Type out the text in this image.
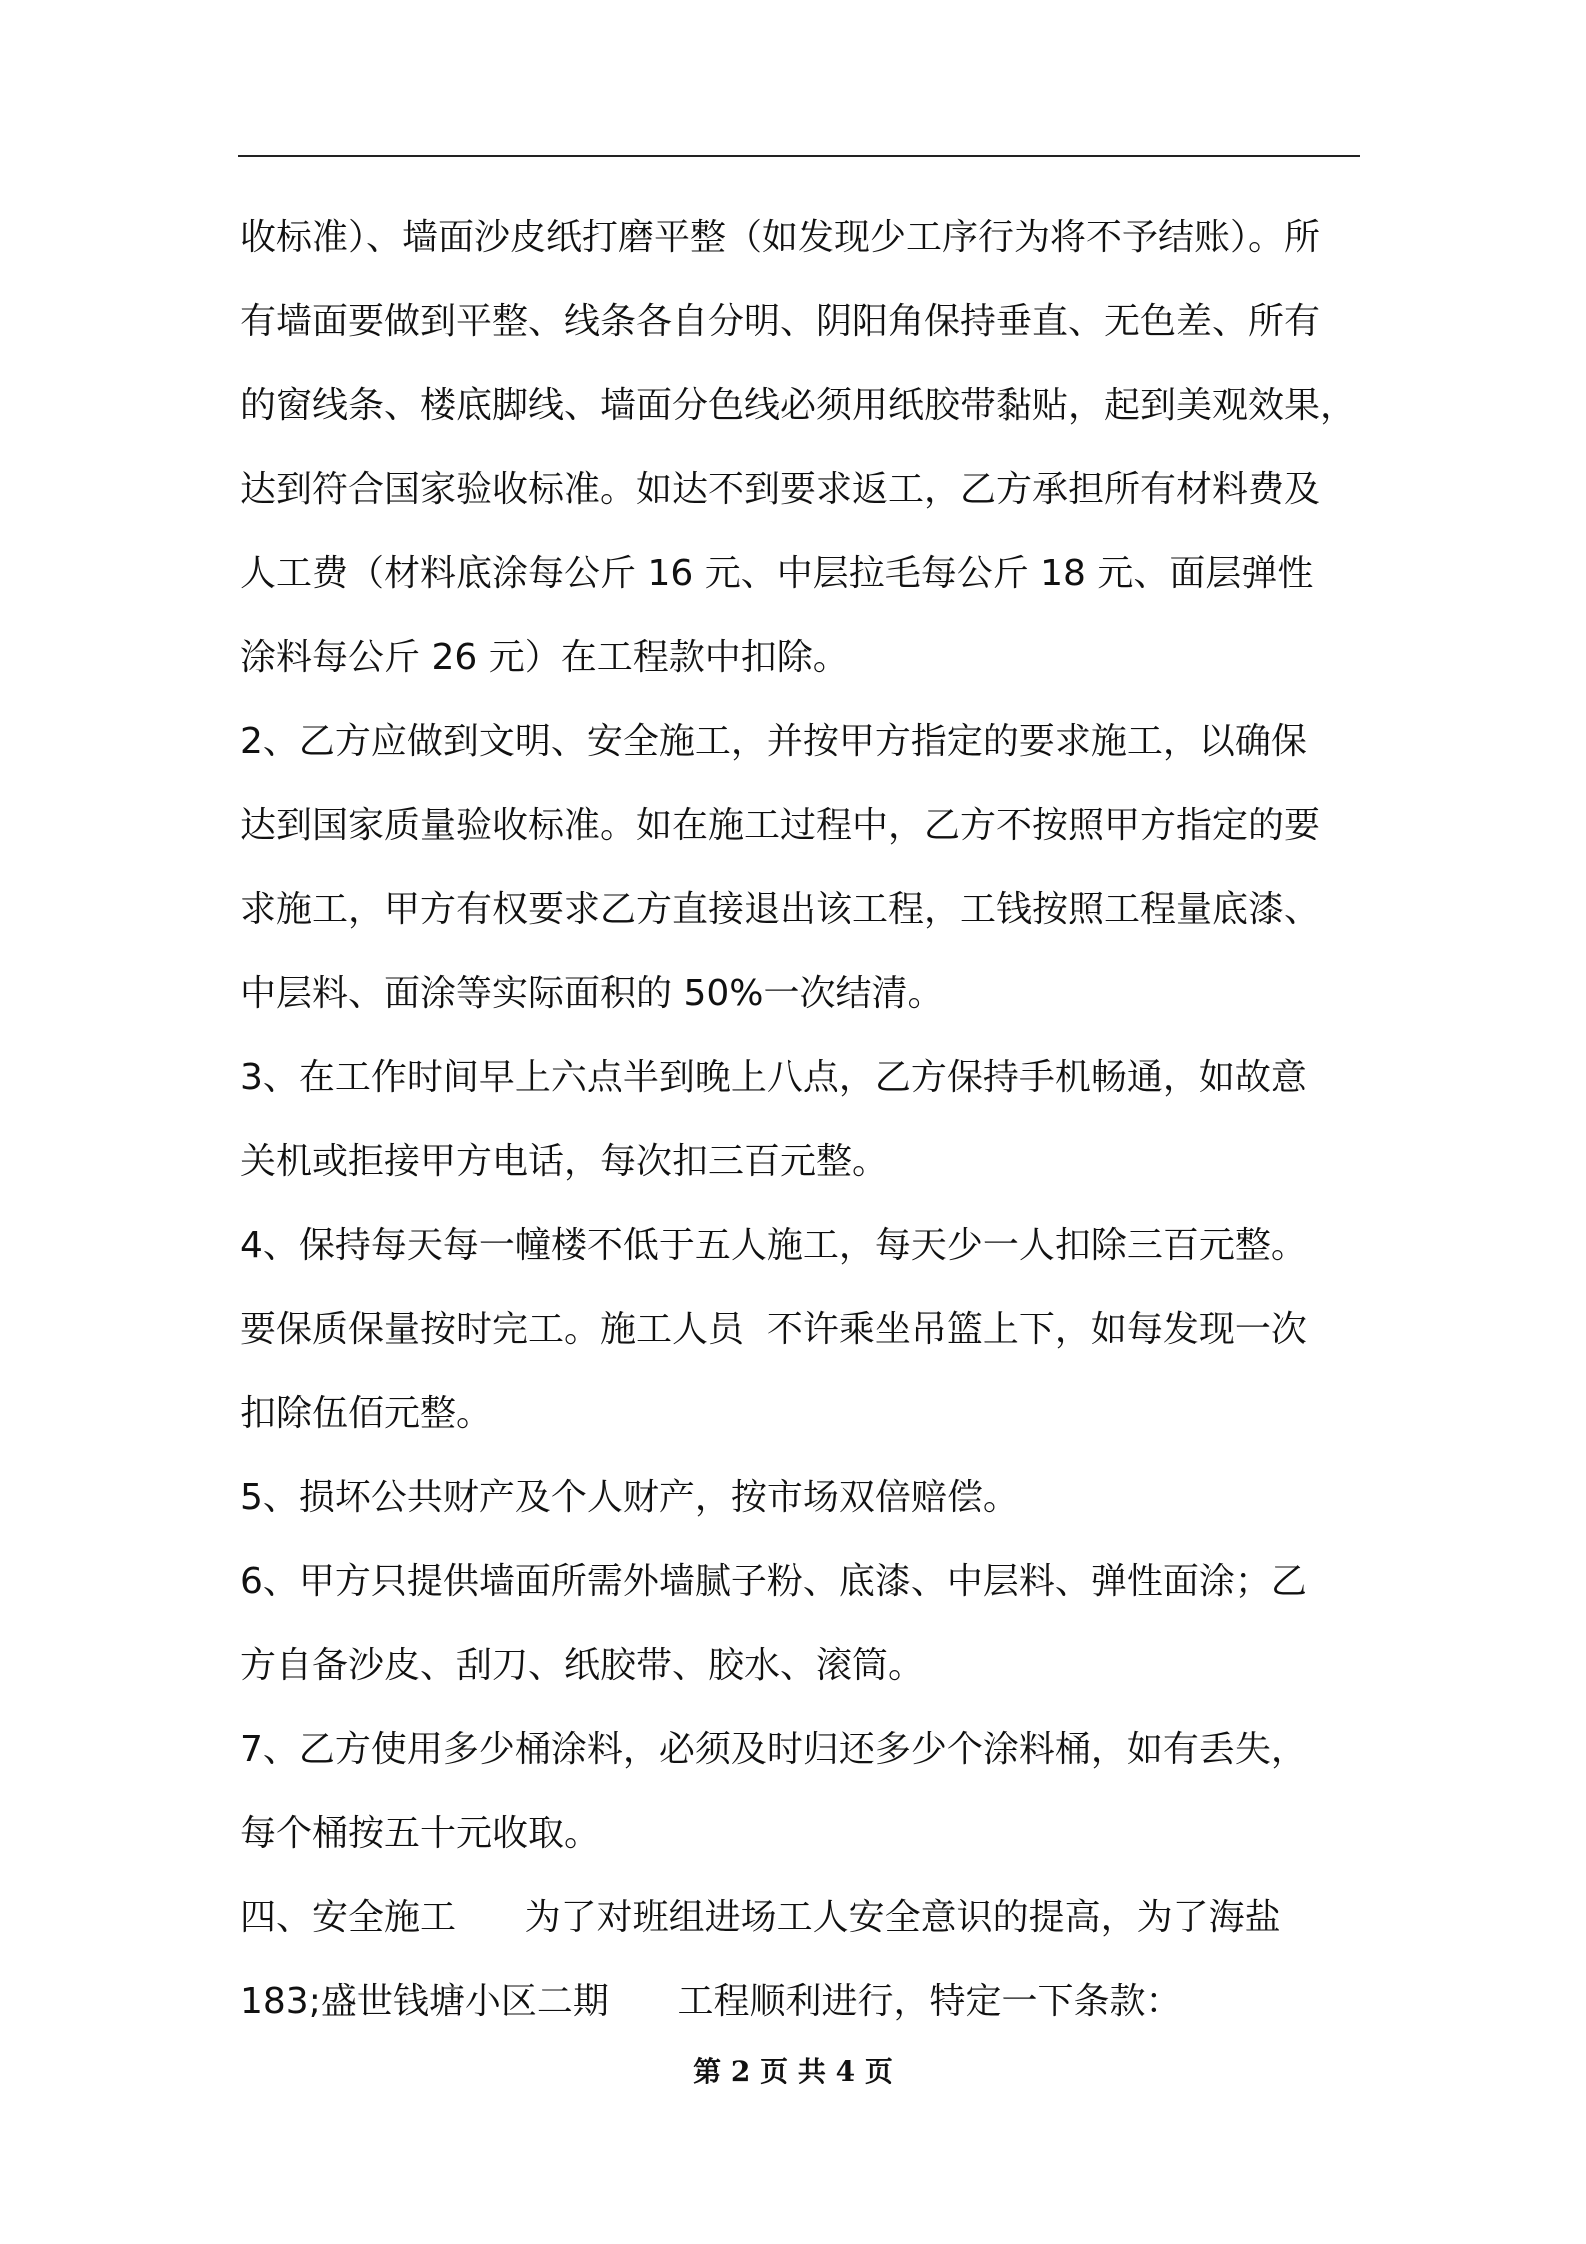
收标准）、墙面沙皮纸打磨平整（如发现少工序行为将不予结账）。所
有墙面要做到平整、线条各自分明、阴阳角保持垂直、无色差、所有
的窗线条、楼底脚线、墙面分色线必须用纸胶带黏贴，起到美观效果，
达到符合国家验收标准。如达不到要求返工，乙方承担所有材料费及
人工费（材料底涂每公斤 16 元、中层拉毛每公斤 18 元、面层弹性
涂料每公斤 26 元）在工程款中扣除。
2、乙方应做到文明、安全施工，并按甲方指定的要求施工，以确保
达到国家质量验收标准。如在施工过程中，乙方不按照甲方指定的要
求施工，甲方有权要求乙方直接退出该工程，工钱按照工程量底漆、
中层料、面涂等实际面积的 50%一次结清。
3、在工作时间早上六点半到晚上八点，乙方保持手机畅通，如故意
关机或拒接甲方电话，每次扣三百元整。
4、保持每天每一幢楼不低于五人施工，每天少一人扣除三百元整。
要保质保量按时完工。施工人员  不许乘坐吊篮上下，如每发现一次
扣除伍佰元整。
5、损坏公共财产及个人财产，按市场双倍赔偿。
6、甲方只提供墙面所需外墙腻子粉、底漆、中层料、弹性面涂；乙
方自备沙皮、刮刀、纸胶带、胶水、滚筒。
7、乙方使用多少桶涂料，必须及时归还多少个涂料桶，如有丢失，
每个桶按五十元收取。
四、安全施工      为了对班组进场工人安全意识的提高，为了海盐
183;盛世钱塘小区二期      工程顺利进行，特定一下条款：
第 2 页 共 4 页
